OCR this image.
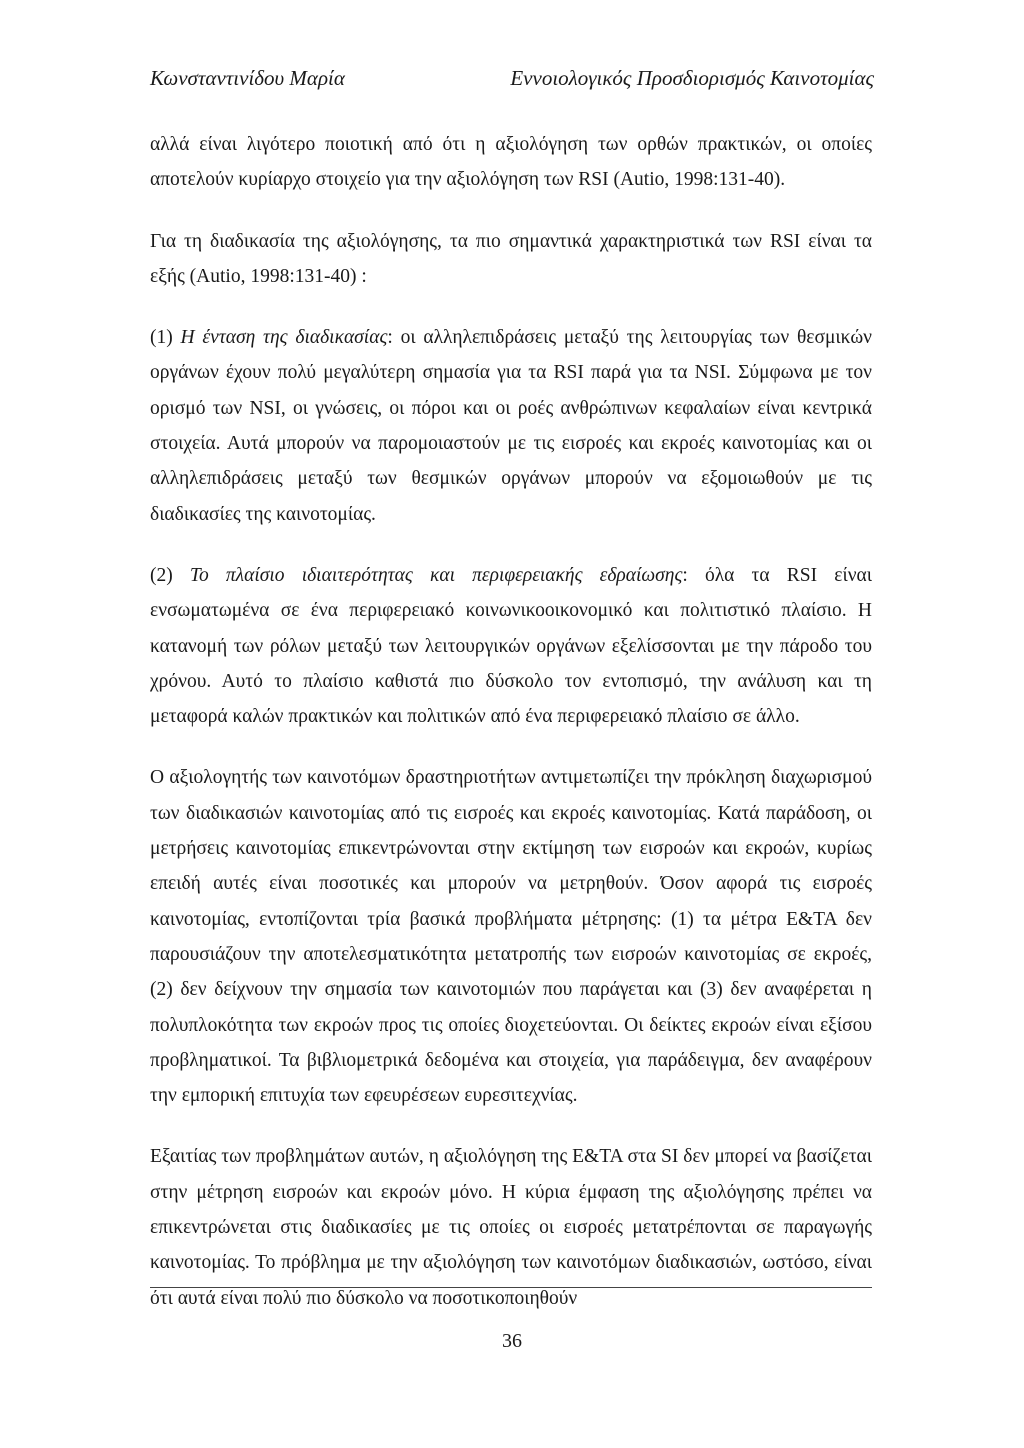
Κωνσταντινίδου Μαρία	Εννοιολογικός Προσδιορισμός Καινοτομίας

αλλά είναι λιγότερο ποιοτική από ότι η αξιολόγηση των ορθών πρακτικών, οι οποίες αποτελούν κυρίαρχο στοιχείο για την αξιολόγηση των RSI (Autio, 1998:131-40).

Για τη διαδικασία της αξιολόγησης, τα πιο σημαντικά χαρακτηριστικά των RSI είναι τα εξής (Autio, 1998:131-40) :

(1) Η ένταση της διαδικασίας: οι αλληλεπιδράσεις μεταξύ της λειτουργίας των θεσμικών οργάνων έχουν πολύ μεγαλύτερη σημασία για τα RSI παρά για τα NSI. Σύμφωνα με τον ορισμό των NSI, οι γνώσεις, οι πόροι και οι ροές ανθρώπινων κεφαλαίων είναι κεντρικά στοιχεία. Αυτά μπορούν να παρομοιαστούν με τις εισροές και εκροές καινοτομίας και οι αλληλεπιδράσεις μεταξύ των θεσμικών οργάνων μπορούν να εξομοιωθούν με τις διαδικασίες της καινοτομίας.

(2) Το πλαίσιο ιδιαιτερότητας και περιφερειακής εδραίωσης: όλα τα RSI είναι ενσωματωμένα σε ένα περιφερειακό κοινωνικοοικονομικό και πολιτιστικό πλαίσιο. Η κατανομή των ρόλων μεταξύ των λειτουργικών οργάνων εξελίσσονται με την πάροδο του χρόνου. Αυτό το πλαίσιο καθιστά πιο δύσκολο τον εντοπισμό, την ανάλυση και τη μεταφορά καλών πρακτικών και πολιτικών από ένα περιφερειακό πλαίσιο σε άλλο.

Ο αξιολογητής των καινοτόμων δραστηριοτήτων αντιμετωπίζει την πρόκληση διαχωρισμού των διαδικασιών καινοτομίας από τις εισροές και εκροές καινοτομίας. Κατά παράδοση, οι μετρήσεις καινοτομίας επικεντρώνονται στην εκτίμηση των εισροών και εκροών, κυρίως επειδή αυτές είναι ποσοτικές και μπορούν να μετρηθούν. Όσον αφορά τις εισροές καινοτομίας, εντοπίζονται τρία βασικά προβλήματα μέτρησης: (1) τα μέτρα Ε&ΤΑ δεν παρουσιάζουν την αποτελεσματικότητα μετατροπής των εισροών καινοτομίας σε εκροές, (2) δεν δείχνουν την σημασία των καινοτομιών που παράγεται και (3) δεν αναφέρεται η πολυπλοκότητα των εκροών προς τις οποίες διοχετεύονται. Οι δείκτες εκροών είναι εξίσου προβληματικοί. Τα βιβλιομετρικά δεδομένα και στοιχεία, για παράδειγμα, δεν αναφέρουν την εμπορική επιτυχία των εφευρέσεων ευρεσιτεχνίας.

Εξαιτίας των προβλημάτων αυτών, η αξιολόγηση της Ε&ΤΑ στα SI δεν μπορεί να βασίζεται στην μέτρηση εισροών και εκροών μόνο. Η κύρια έμφαση της αξιολόγησης πρέπει να επικεντρώνεται στις διαδικασίες με τις οποίες οι εισροές μετατρέπονται σε παραγωγής καινοτομίας. Το πρόβλημα με την αξιολόγηση των καινοτόμων διαδικασιών, ωστόσο, είναι ότι αυτά είναι πολύ πιο δύσκολο να ποσοτικοποιηθούν

36
